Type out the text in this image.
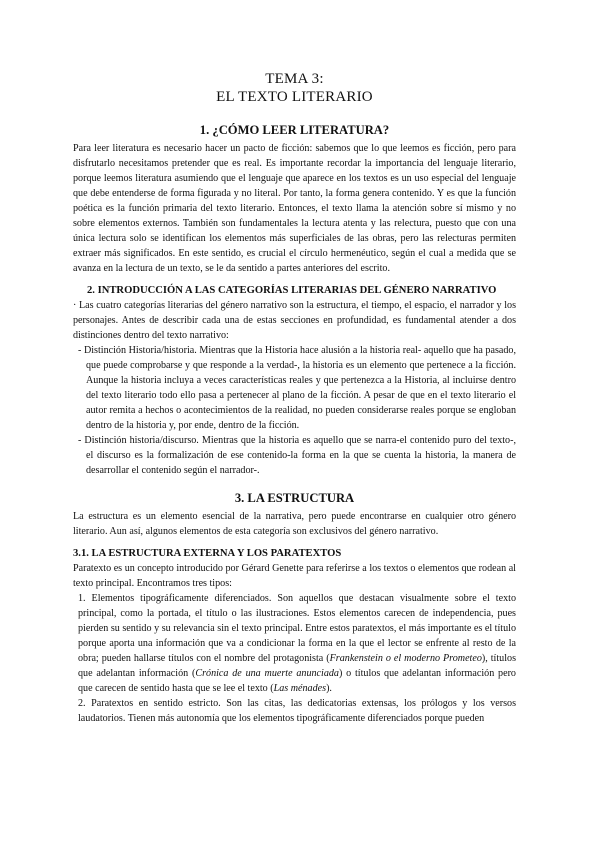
TEMA 3:
EL TEXTO LITERARIO
1. ¿CÓMO LEER LITERATURA?

Para leer literatura es necesario hacer un pacto de ficción: sabemos que lo que leemos es ficción, pero para disfrutarlo necesitamos pretender que es real. Es importante recordar la importancia del lenguaje literario, porque leemos literatura asumiendo que el lenguaje que aparece en los textos es un uso especial del lenguaje que debe entenderse de forma figurada y no literal. Por tanto, la forma genera contenido. Y es que la función poética es la función primaria del texto literario. Entonces, el texto llama la atención sobre sí mismo y no sobre elementos externos. También son fundamentales la lectura atenta y las relectura, puesto que con una única lectura solo se identifican los elementos más superficiales de las obras, pero las relecturas permiten extraer más significados. En este sentido, es crucial el círculo hermenéutico, según el cual a medida que se avanza en la lectura de un texto, se le da sentido a partes anteriores del escrito.

2. INTRODUCCIÓN A LAS CATEGORÍAS LITERARIAS DEL GÉNERO NARRATIVO

· Las cuatro categorías literarias del género narrativo son la estructura, el tiempo, el espacio, el narrador y los personajes. Antes de describir cada una de estas secciones en profundidad, es fundamental atender a dos distinciones dentro del texto narrativo:

- Distinción Historia/historia. Mientras que la Historia hace alusión a la historia real- aquello que ha pasado, que puede comprobarse y que responde a la verdad-, la historia es un elemento que pertenece a la ficción. Aunque la historia incluya a veces características reales y que pertenezca a la Historia, al incluirse dentro del texto literario todo ello pasa a pertenecer al plano de la ficción. A pesar de que en el texto literario el autor remita a hechos o acontecimientos de la realidad, no pueden considerarse reales porque se engloban dentro de la historia y, por ende, dentro de la ficción.
- Distinción historia/discurso. Mientras que la historia es aquello que se narra-el contenido puro del texto-, el discurso es la formalización de ese contenido-la forma en la que se cuenta la historia, la manera de desarrollar el contenido según el narrador-.
3. LA ESTRUCTURA

La estructura es un elemento esencial de la narrativa, pero puede encontrarse en cualquier otro género literario. Aun así, algunos elementos de esta categoría son exclusivos del género narrativo.

3.1. LA ESTRUCTURA EXTERNA Y LOS PARATEXTOS

Paratexto es un concepto introducido por Gérard Genette para referirse a los textos o elementos que rodean al texto principal. Encontramos tres tipos:

1. Elementos tipográficamente diferenciados. Son aquellos que destacan visualmente sobre el texto principal, como la portada, el título o las ilustraciones. Estos elementos carecen de independencia, pues pierden su sentido y su relevancia sin el texto principal. Entre estos paratextos, el más importante es el título porque aporta una información que va a condicionar la forma en la que el lector se enfrente al resto de la obra; pueden hallarse títulos con el nombre del protagonista (Frankenstein o el moderno Prometeo), títulos que adelantan información (Crónica de una muerte anunciada) o títulos que adelantan información pero que carecen de sentido hasta que se lee el texto (Las ménades).
2. Paratextos en sentido estricto. Son las citas, las dedicatorias extensas, los prólogos y los versos laudatorios. Tienen más autonomía que los elementos tipográficamente diferenciados porque pueden
